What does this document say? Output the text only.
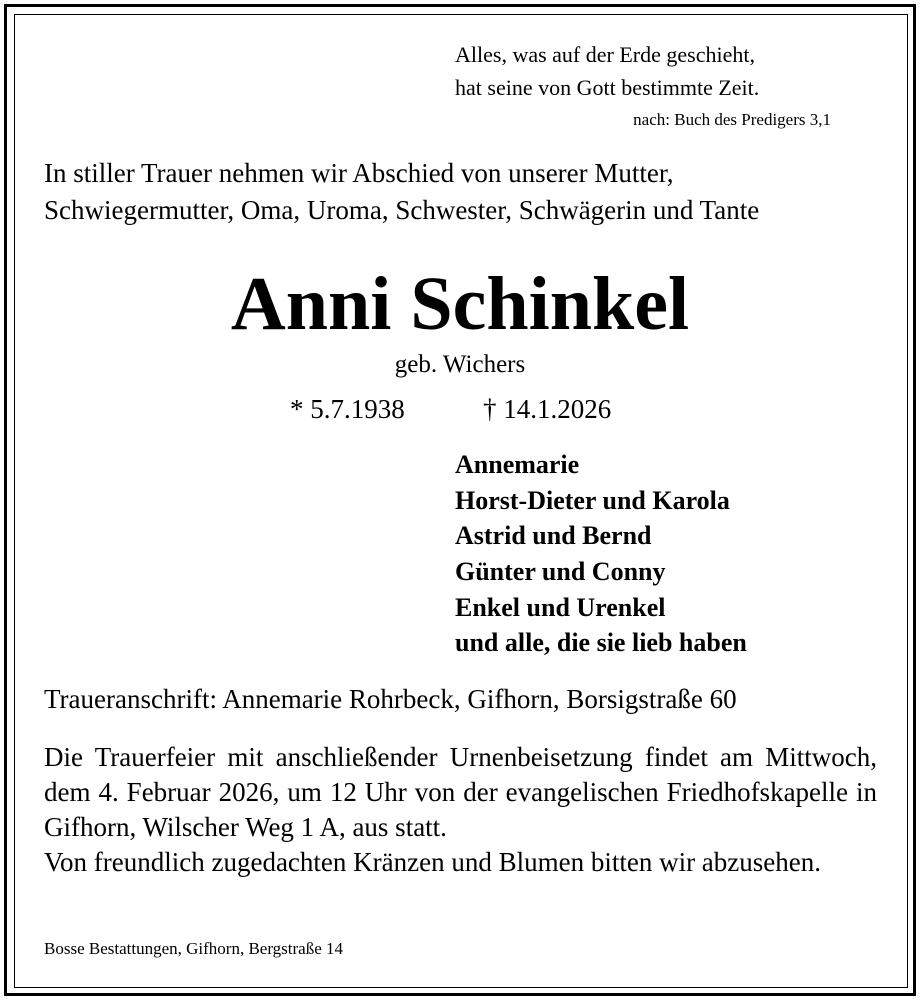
Alles, was auf der Erde geschieht,
hat seine von Gott bestimmte Zeit.
nach: Buch des Predigers 3,1
In stiller Trauer nehmen wir Abschied von unserer Mutter,
Schwiegermutter, Oma, Uroma, Schwester, Schwägerin und Tante
Anni Schinkel
geb. Wichers
* 5.7.1938	† 14.1.2026
Annemarie
Horst-Dieter und Karola
Astrid und Bernd
Günter und Conny
Enkel und Urenkel
und alle, die sie lieb haben
Traueranschrift: Annemarie Rohrbeck, Gifhorn, Borsigstraße 60

Die Trauerfeier mit anschließender Urnenbeisetzung findet am Mittwoch, dem 4. Februar 2026, um 12 Uhr von der evangelischen Friedhofskapelle in Gifhorn, Wilscher Weg 1 A, aus statt.

Von freundlich zugedachten Kränzen und Blumen bitten wir abzusehen.

Bosse Bestattungen, Gifhorn, Bergstraße 14
